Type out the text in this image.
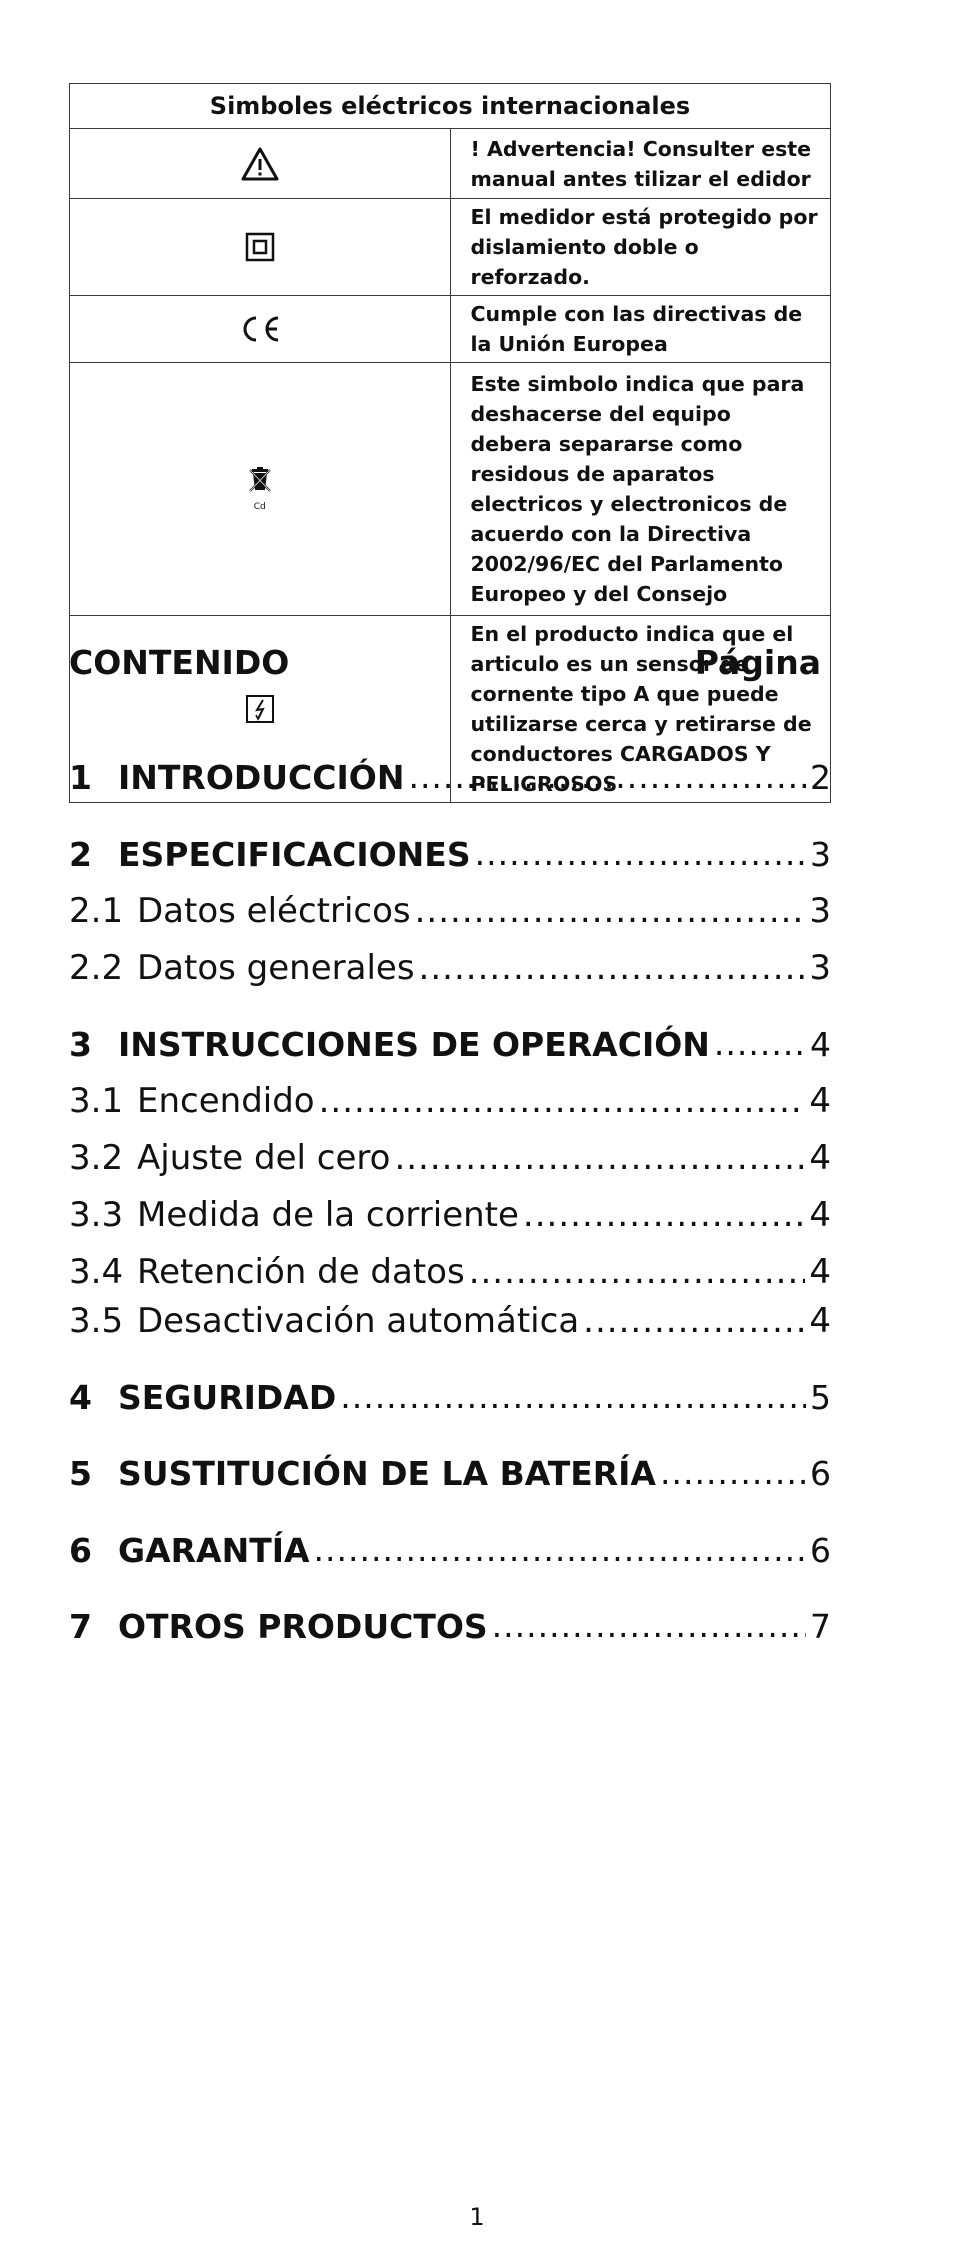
Simboles eléctricos internacionales	

	! Advertencia! Consulter este manual antes tilizar el edidor

	El medidor está protegido por dislamiento doble o reforzado.

	Cumple con las directivas de la Unión Europea

Cd	Este simbolo indica que para deshacerse del equipo debera separarse como residous de aparatos electricos y electronicos de acuerdo con la Directiva 2002/96/EC del Parlamento Europeo y del Consejo

	En el producto indica que el articulo es un sensor de cornente tipo A que puede utilizarse cerca y retirarse de conductores CARGADOS Y PELIGROSOS
CONTENIDO	Página
1 INTRODUCCIÓN .....	2
2 ESPECIFICACIONES .....	3
2.1 Datos eléctricos .....	3
2.2 Datos generales .....	3
3 INSTRUCCIONES DE OPERACIÓN .....	4
3.1 Encendido .....	4
3.2 Ajuste del cero .....	4
3.3 Medida de la corriente .....	4
3.4 Retención de datos .....	4
3.5 Desactivación automática .....	4
4 SEGURIDAD .....	5
5 SUSTITUCIÓN DE LA BATERÍA .....	6
6 GARANTÍA .....	6
7 OTROS PRODUCTOS .....	7
1
